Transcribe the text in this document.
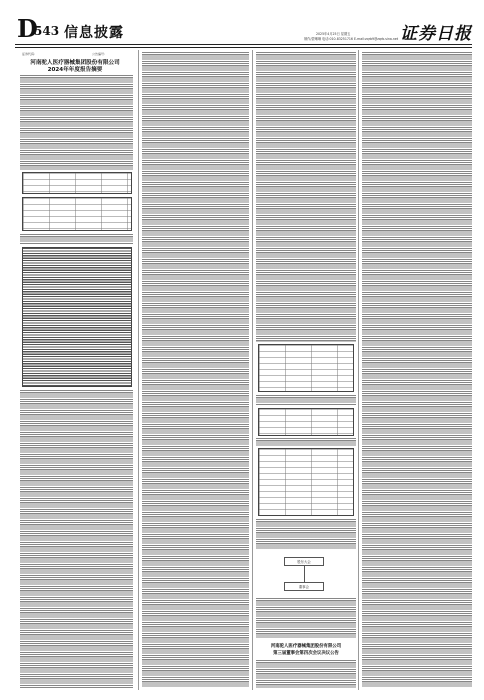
D
543 信息披露	2025年4月25日 星期五
制作/蒙琳琳 电话:010-83251716 E-mail:zqrb9@zqrb.sina.net 证券日报
证券代码:	公告编号:
河南驼人医疗器械集团股份有限公司
2024年年度报告摘要
股东大会
董事会
河南驼人医疗器械集团股份有限公司
第三届董事会第四次会议决议公告
